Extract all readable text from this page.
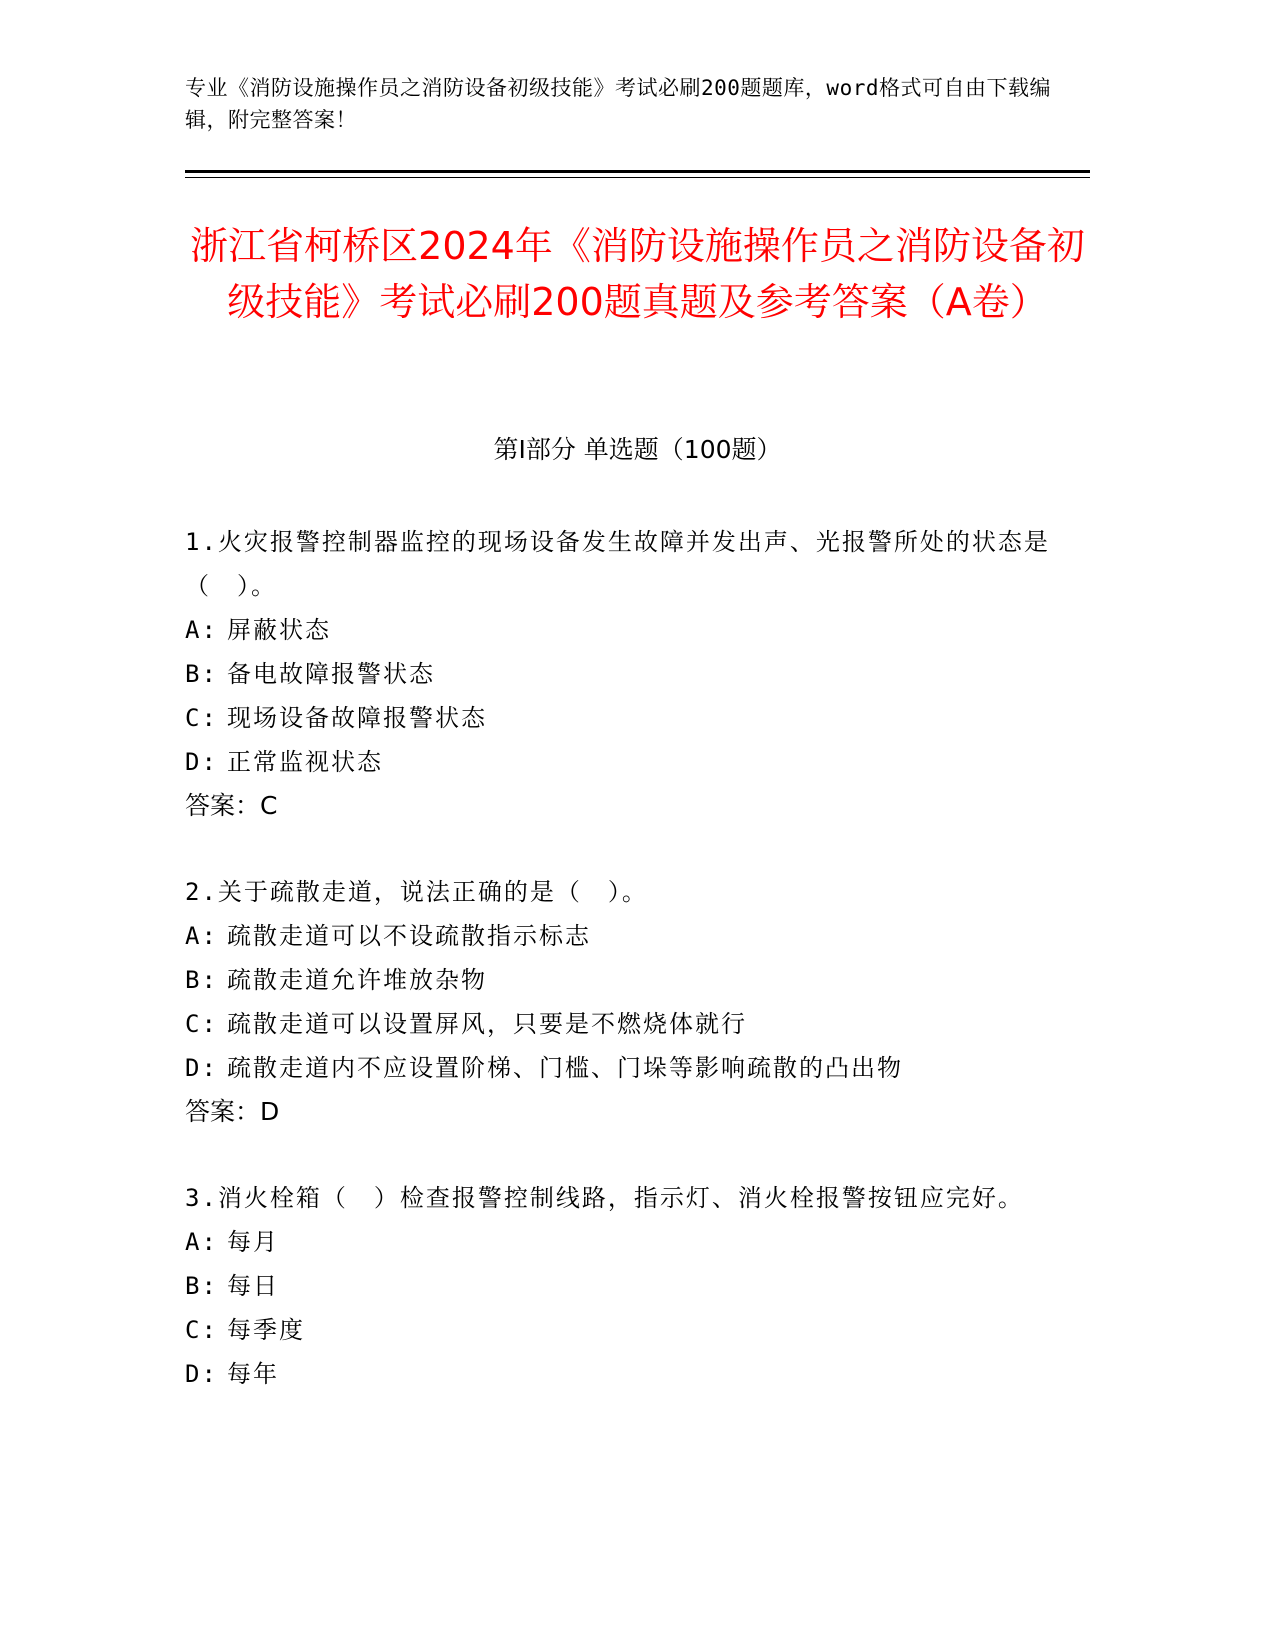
专业《消防设施操作员之消防设备初级技能》考试必刷200题题库，word格式可自由下载编辑，附完整答案！
浙江省柯桥区2024年《消防设施操作员之消防设备初级技能》考试必刷200题真题及参考答案（A卷）
第I部分 单选题（100题）
1.火灾报警控制器监控的现场设备发生故障并发出声、光报警所处的状态是（　）。
A: 屏蔽状态
B: 备电故障报警状态
C: 现场设备故障报警状态
D: 正常监视状态
答案：C
2.关于疏散走道，说法正确的是（　）。
A: 疏散走道可以不设疏散指示标志
B: 疏散走道允许堆放杂物
C: 疏散走道可以设置屏风，只要是不燃烧体就行
D: 疏散走道内不应设置阶梯、门槛、门垛等影响疏散的凸出物
答案：D
3.消火栓箱（　）检查报警控制线路，指示灯、消火栓报警按钮应完好。
A: 每月
B: 每日
C: 每季度
D: 每年
